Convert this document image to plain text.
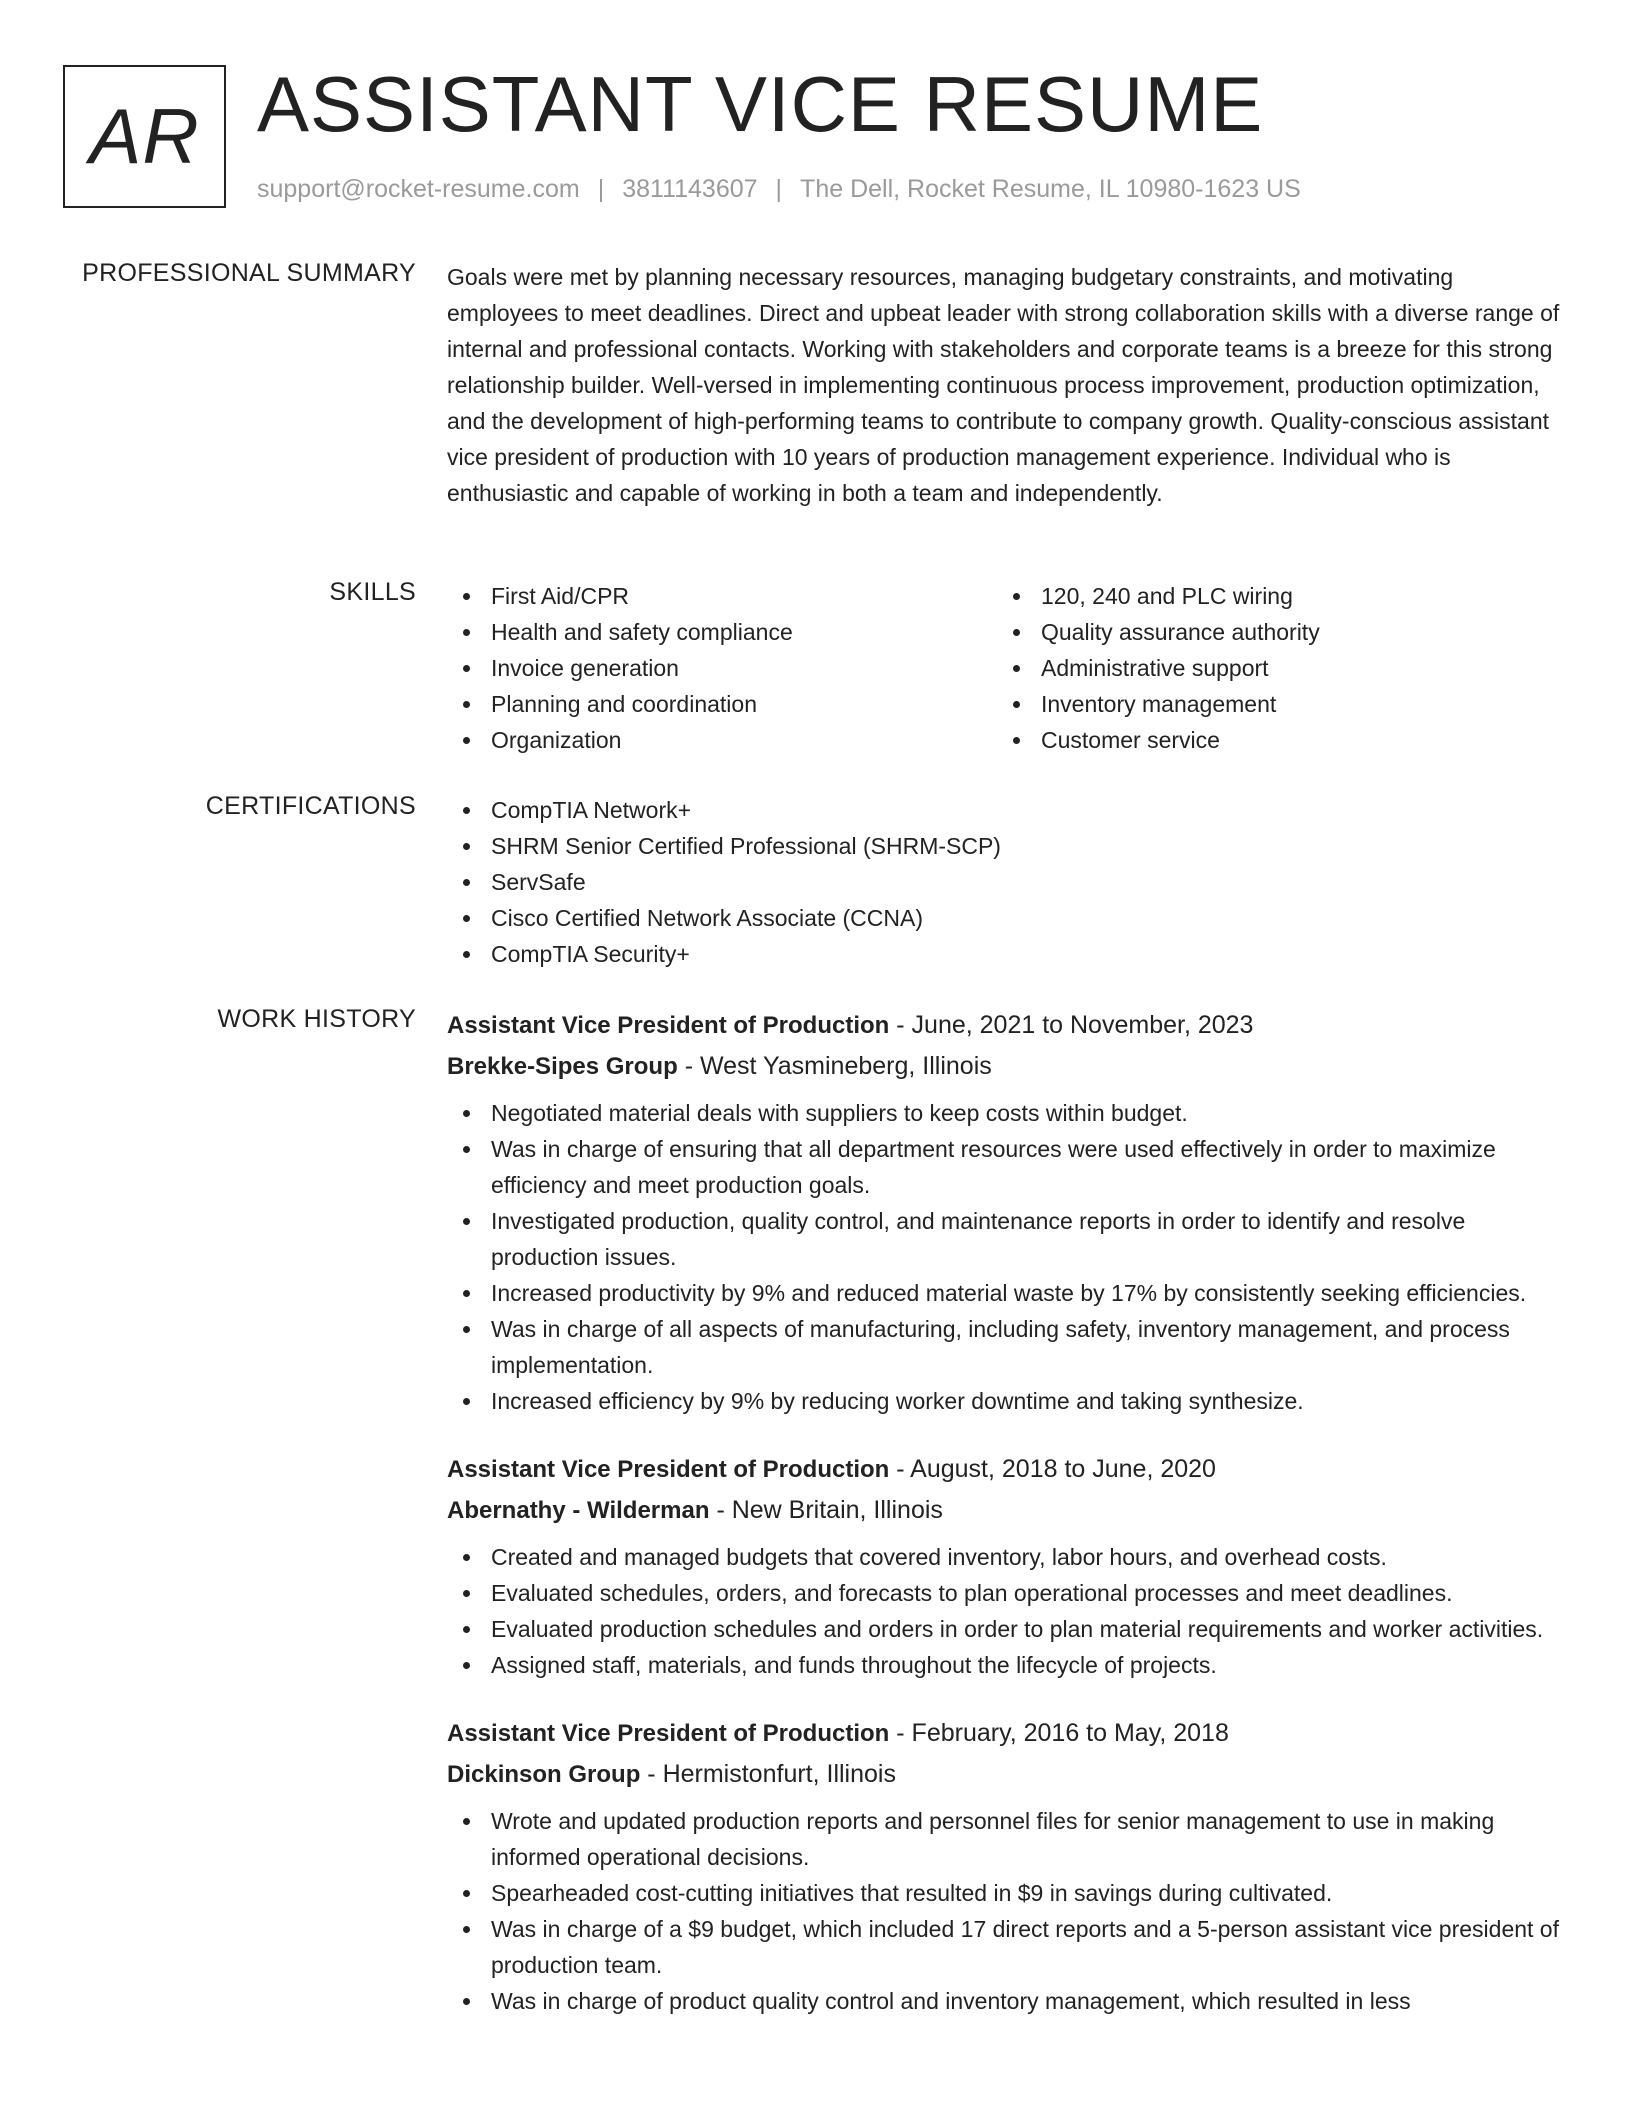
AR ASSISTANT VICE RESUME
support@rocket-resume.com | 3811143607 | The Dell, Rocket Resume, IL 10980-1623 US
PROFESSIONAL SUMMARY Goals were met by planning necessary resources, managing budgetary constraints, and motivating employees to meet deadlines. Direct and upbeat leader with strong collaboration skills with a diverse range of internal and professional contacts. Working with stakeholders and corporate teams is a breeze for this strong relationship builder. Well-versed in implementing continuous process improvement, production optimization, and the development of high-performing teams to contribute to company growth. Quality-conscious assistant vice president of production with 10 years of production management experience. Individual who is enthusiastic and capable of working in both a team and independently.

SKILLS	First Aid/CPR
Health and safety compliance
Invoice generation
Planning and coordination
Organization
120, 240 and PLC wiring
Quality assurance authority
Administrative support
Inventory management
Customer service
CERTIFICATIONS	CompTIA Network+
SHRM Senior Certified Professional (SHRM-SCP)
ServSafe
Cisco Certified Network Associate (CCNA)
CompTIA Security+
WORK HISTORY Assistant Vice President of Production - June, 2021 to November, 2023
Brekke-Sipes Group - West Yasmineberg, Illinois
Negotiated material deals with suppliers to keep costs within budget.
Was in charge of ensuring that all department resources were used effectively in order to maximize efficiency and meet production goals.
Investigated production, quality control, and maintenance reports in order to identify and resolve production issues.
Increased productivity by 9% and reduced material waste by 17% by consistently seeking efficiencies.
Was in charge of all aspects of manufacturing, including safety, inventory management, and process implementation.
Increased efficiency by 9% by reducing worker downtime and taking synthesize.
Assistant Vice President of Production - August, 2018 to June, 2020
Abernathy - Wilderman - New Britain, Illinois
Created and managed budgets that covered inventory, labor hours, and overhead costs.
Evaluated schedules, orders, and forecasts to plan operational processes and meet deadlines.
Evaluated production schedules and orders in order to plan material requirements and worker activities.
Assigned staff, materials, and funds throughout the lifecycle of projects.
Assistant Vice President of Production - February, 2016 to May, 2018
Dickinson Group - Hermistonfurt, Illinois
Wrote and updated production reports and personnel files for senior management to use in making informed operational decisions.
Spearheaded cost-cutting initiatives that resulted in $9 in savings during cultivated.
Was in charge of a $9 budget, which included 17 direct reports and a 5-person assistant vice president of production team.
Was in charge of product quality control and inventory management, which resulted in less
